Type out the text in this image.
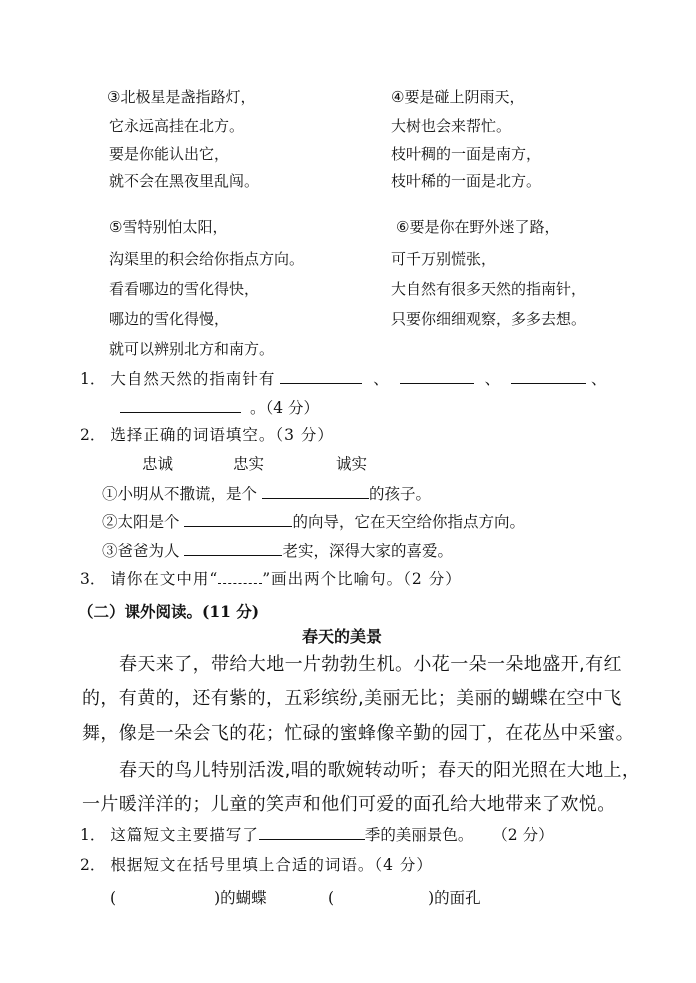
③北极星是盏指路灯，
它永远高挂在北方。
要是你能认出它，
就不会在黑夜里乱闯。
④要是碰上阴雨天，
大树也会来帮忙。
枝叶稠的一面是南方，
枝叶稀的一面是北方。
⑤雪特别怕太阳，
沟渠里的积会给你指点方向。
看看哪边的雪化得快，
哪边的雪化得慢，
就可以辨别北方和南方。
⑥要是你在野外迷了路，
可千万别慌张，
大自然有很多天然的指南针，
只要你细细观察，多多去想。
1． 大自然天然的指南针有	、	、	、
。（4 分）
2． 选择正确的词语填空。（3 分）
忠诚	忠实	诚实
①小明从不撒谎，是个	的孩子。
②太阳是个	的向导，它在天空给你指点方向。
③爸爸为人	老实，深得大家的喜爱。
3． 请你在文中用“	”画出两个比喻句。（2 分）
（二）课外阅读。(11 分)
春天的美景
春天来了，带给大地一片勃勃生机。小花一朵一朵地盛开,有红
的，有黄的，还有紫的，五彩缤纷,美丽无比；美丽的蝴蝶在空中飞
舞，像是一朵会飞的花；忙碌的蜜蜂像辛勤的园丁，在花丛中采蜜。
春天的鸟儿特别活泼,唱的歌婉转动听；春天的阳光照在大地上，
一片暖洋洋的；儿童的笑声和他们可爱的面孔给大地带来了欢悦。
1． 这篇短文主要描写了	季的美丽景色。 （2 分）
2． 根据短文在括号里填上合适的词语。（4 分）
(	)的蝴蝶	(	)的面孔
